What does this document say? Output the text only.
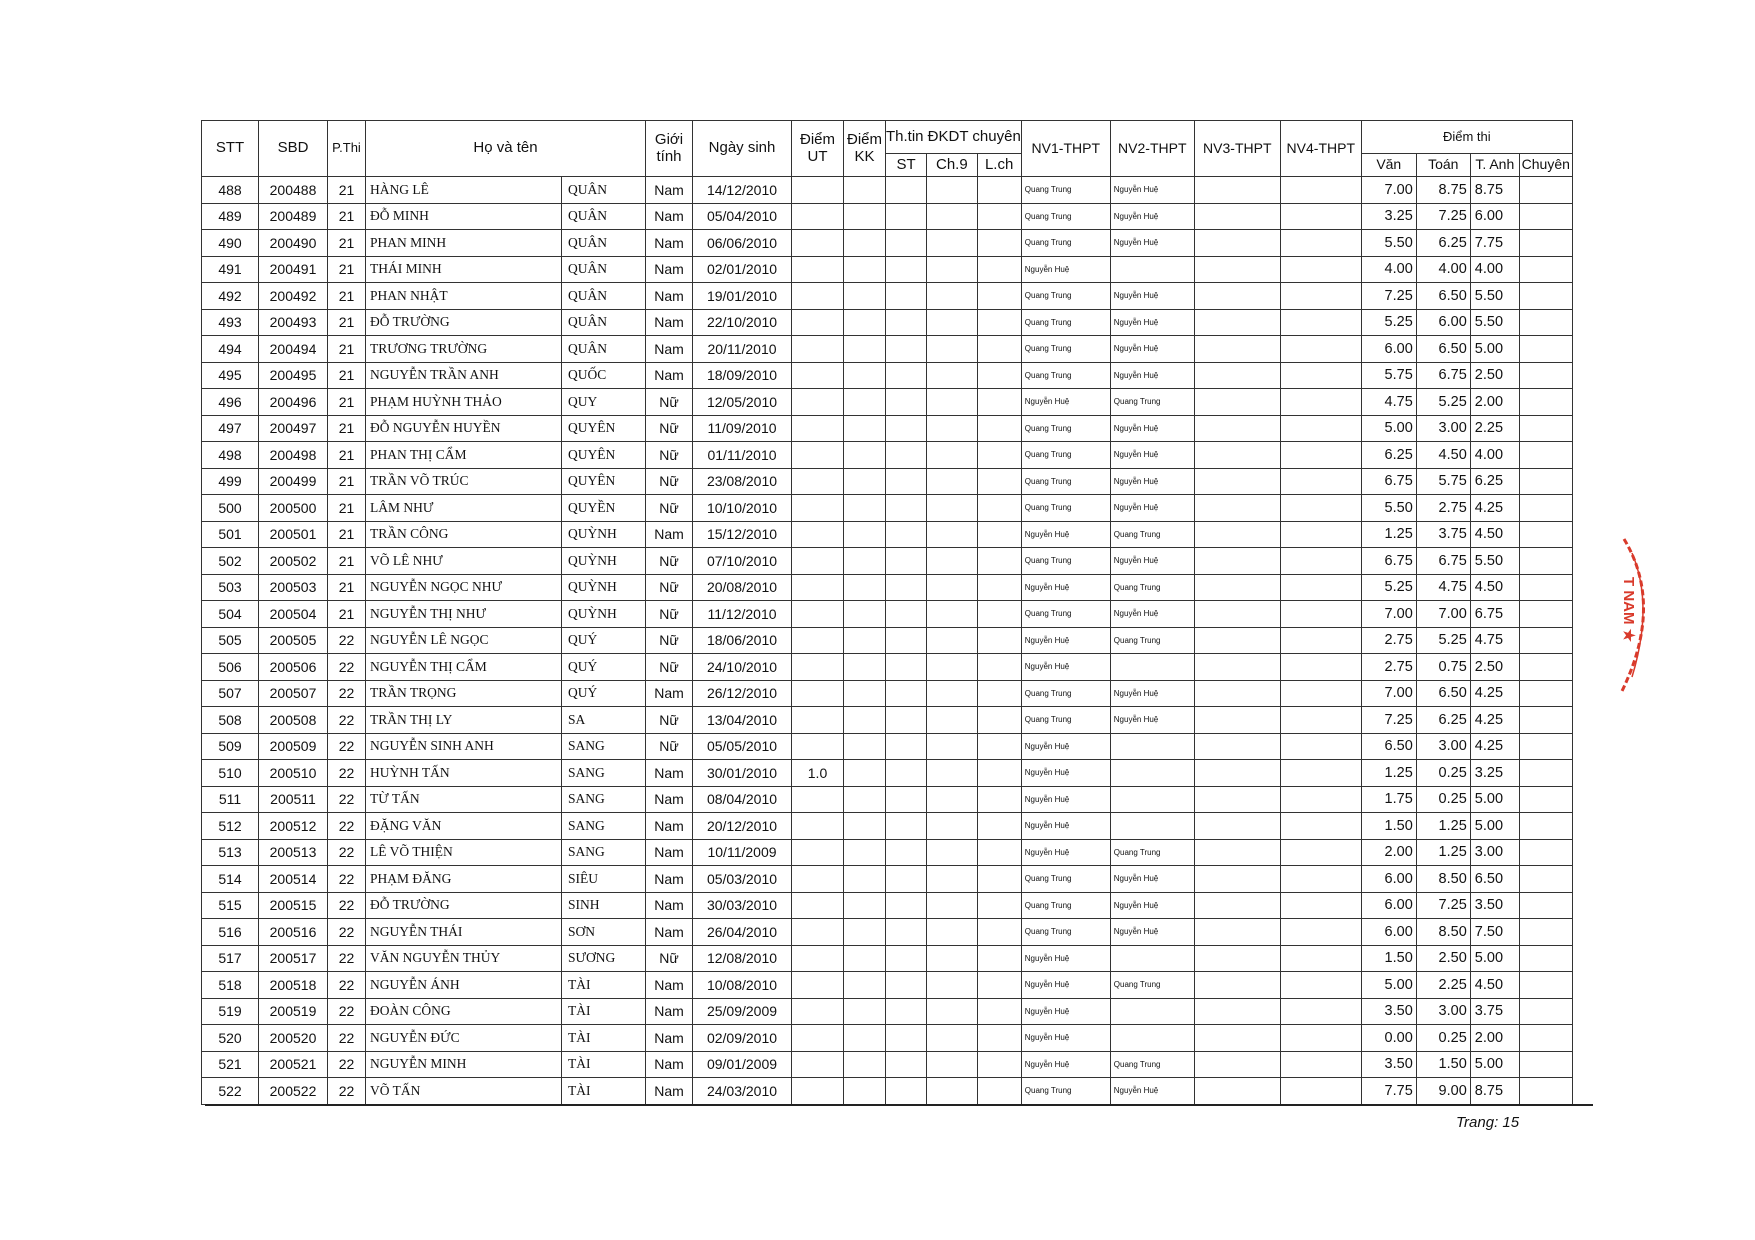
STT	SBD	P.Thi	Họ và tên		Giới tính	Ngày sinh	Điểm UT	Điểm KK	Th.tin ĐKDT chuyên			NV1-THPT	NV2-THPT	NV3-THPT	NV4-THPT	Điểm thi			
									ST	Ch.9	L.ch					Văn	Toán	T. Anh	Chuyên
488	200488	21	HÀNG LÊ	QUÂN	Nam	14/12/2010						Quang Trung	Nguyễn Huệ			7.00	8.75	8.75	
489	200489	21	ĐỖ MINH	QUÂN	Nam	05/04/2010						Quang Trung	Nguyễn Huệ			3.25	7.25	6.00	
490	200490	21	PHAN MINH	QUÂN	Nam	06/06/2010						Quang Trung	Nguyễn Huệ			5.50	6.25	7.75	
491	200491	21	THÁI MINH	QUÂN	Nam	02/01/2010						Nguyễn Huệ				4.00	4.00	4.00	
492	200492	21	PHAN NHẬT	QUÂN	Nam	19/01/2010						Quang Trung	Nguyễn Huệ			7.25	6.50	5.50	
493	200493	21	ĐỖ TRƯỜNG	QUÂN	Nam	22/10/2010						Quang Trung	Nguyễn Huệ			5.25	6.00	5.50	
494	200494	21	TRƯƠNG TRƯỜNG	QUÂN	Nam	20/11/2010						Quang Trung	Nguyễn Huệ			6.00	6.50	5.00	
495	200495	21	NGUYỄN TRẦN ANH	QUỐC	Nam	18/09/2010						Quang Trung	Nguyễn Huệ			5.75	6.75	2.50	
496	200496	21	PHẠM HUỲNH THẢO	QUY	Nữ	12/05/2010						Nguyễn Huệ	Quang Trung			4.75	5.25	2.00	
497	200497	21	ĐỖ NGUYỄN HUYỀN	QUYÊN	Nữ	11/09/2010						Quang Trung	Nguyễn Huệ			5.00	3.00	2.25	
498	200498	21	PHAN THỊ CẨM	QUYÊN	Nữ	01/11/2010						Quang Trung	Nguyễn Huệ			6.25	4.50	4.00	
499	200499	21	TRẦN VÕ TRÚC	QUYÊN	Nữ	23/08/2010						Quang Trung	Nguyễn Huệ			6.75	5.75	6.25	
500	200500	21	LÂM NHƯ	QUYỀN	Nữ	10/10/2010						Quang Trung	Nguyễn Huệ			5.50	2.75	4.25	
501	200501	21	TRẦN CÔNG	QUỲNH	Nam	15/12/2010						Nguyễn Huệ	Quang Trung			1.25	3.75	4.50	
502	200502	21	VÕ LÊ NHƯ	QUỲNH	Nữ	07/10/2010						Quang Trung	Nguyễn Huệ			6.75	6.75	5.50	
503	200503	21	NGUYỄN NGỌC NHƯ	QUỲNH	Nữ	20/08/2010						Nguyễn Huệ	Quang Trung			5.25	4.75	4.50	
504	200504	21	NGUYỄN THỊ NHƯ	QUỲNH	Nữ	11/12/2010						Quang Trung	Nguyễn Huệ			7.00	7.00	6.75	
505	200505	22	NGUYỄN LÊ NGỌC	QUÝ	Nữ	18/06/2010						Nguyễn Huệ	Quang Trung			2.75	5.25	4.75	
506	200506	22	NGUYỄN THỊ CẨM	QUÝ	Nữ	24/10/2010						Nguyễn Huệ				2.75	0.75	2.50	
507	200507	22	TRẦN TRỌNG	QUÝ	Nam	26/12/2010						Quang Trung	Nguyễn Huệ			7.00	6.50	4.25	
508	200508	22	TRẦN THỊ LY	SA	Nữ	13/04/2010						Quang Trung	Nguyễn Huệ			7.25	6.25	4.25	
509	200509	22	NGUYỄN SINH ANH	SANG	Nữ	05/05/2010						Nguyễn Huệ				6.50	3.00	4.25	
510	200510	22	HUỲNH TẤN	SANG	Nam	30/01/2010	1.0					Nguyễn Huệ				1.25	0.25	3.25	
511	200511	22	TỪ TẤN	SANG	Nam	08/04/2010						Nguyễn Huệ				1.75	0.25	5.00	
512	200512	22	ĐẶNG VĂN	SANG	Nam	20/12/2010						Nguyễn Huệ				1.50	1.25	5.00	
513	200513	22	LÊ VÕ THIỆN	SANG	Nam	10/11/2009						Nguyễn Huệ	Quang Trung			2.00	1.25	3.00	
514	200514	22	PHẠM ĐĂNG	SIÊU	Nam	05/03/2010						Quang Trung	Nguyễn Huệ			6.00	8.50	6.50	
515	200515	22	ĐỖ TRƯỜNG	SINH	Nam	30/03/2010						Quang Trung	Nguyễn Huệ			6.00	7.25	3.50	
516	200516	22	NGUYỄN THÁI	SƠN	Nam	26/04/2010						Quang Trung	Nguyễn Huệ			6.00	8.50	7.50	
517	200517	22	VĂN NGUYỄN THỦY	SƯƠNG	Nữ	12/08/2010						Nguyễn Huệ				1.50	2.50	5.00	
518	200518	22	NGUYỄN ÁNH	TÀI	Nam	10/08/2010						Nguyễn Huệ	Quang Trung			5.00	2.25	4.50	
519	200519	22	ĐOÀN CÔNG	TÀI	Nam	25/09/2009						Nguyễn Huệ				3.50	3.00	3.75	
520	200520	22	NGUYỄN ĐỨC	TÀI	Nam	02/09/2010						Nguyễn Huệ				0.00	0.25	2.00	
521	200521	22	NGUYỄN MINH	TÀI	Nam	09/01/2009						Nguyễn Huệ	Quang Trung			3.50	1.50	5.00	
522	200522	22	VÕ TẤN	TÀI	Nam	24/03/2010						Quang Trung	Nguyễn Huệ			7.75	9.00	8.75	
Trang: 15
T NAM ★
